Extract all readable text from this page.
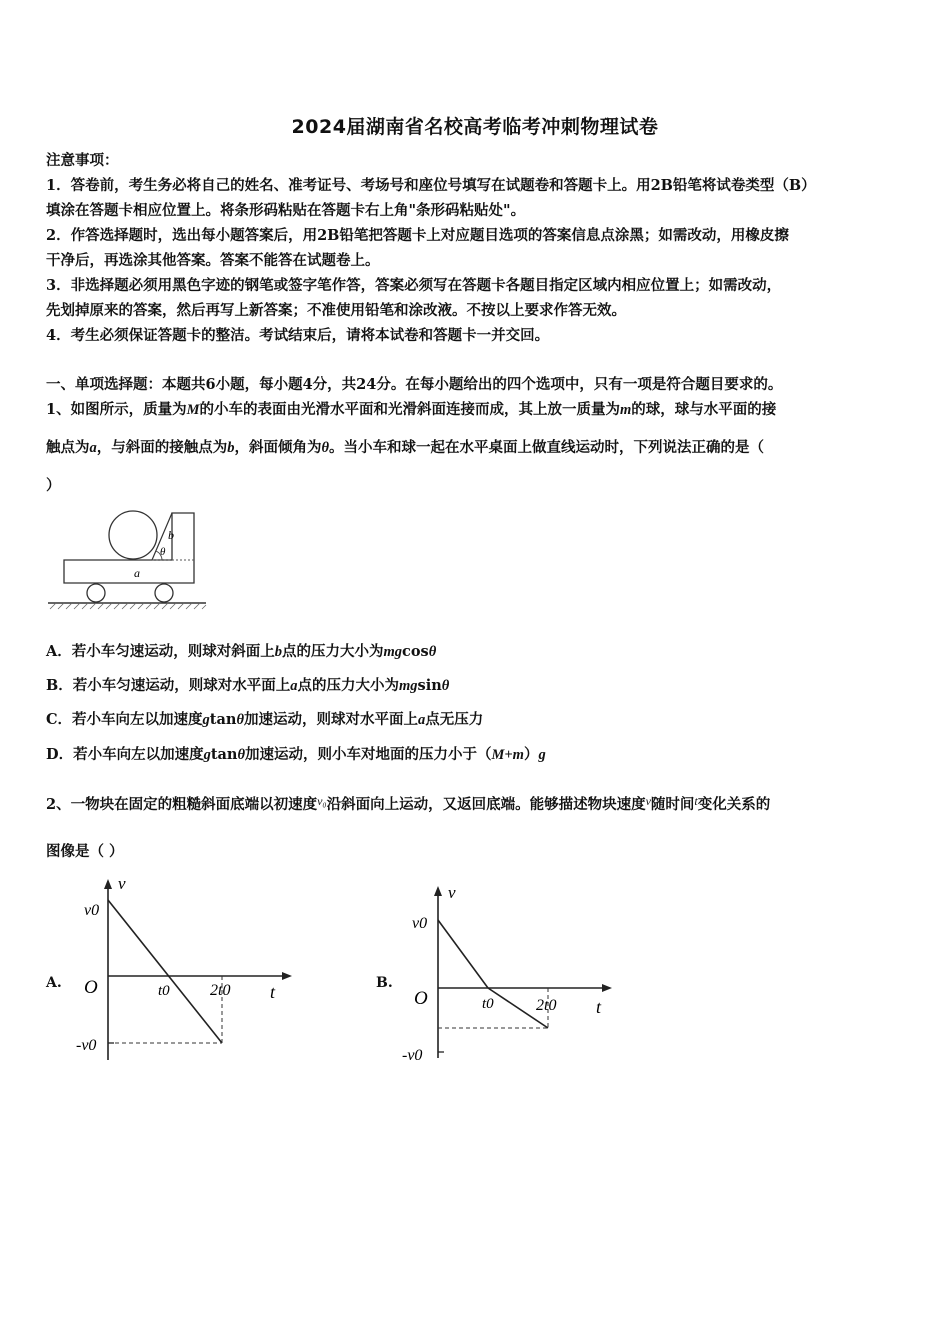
2024届湖南省名校高考临考冲刺物理试卷
注意事项：
1．答卷前，考生务必将自己的姓名、准考证号、考场号和座位号填写在试题卷和答题卡上。用2B铅笔将试卷类型（B）
填涂在答题卡相应位置上。将条形码粘贴在答题卡右上角"条形码粘贴处"。
2．作答选择题时，选出每小题答案后，用2B铅笔把答题卡上对应题目选项的答案信息点涂黑；如需改动，用橡皮擦
干净后，再选涂其他答案。答案不能答在试题卷上。
3．非选择题必须用黑色字迹的钢笔或签字笔作答，答案必须写在答题卡各题目指定区域内相应位置上；如需改动，
先划掉原来的答案，然后再写上新答案；不准使用铅笔和涂改液。不按以上要求作答无效。
4．考生必须保证答题卡的整洁。考试结束后，请将本试卷和答题卡一并交回。
一、单项选择题：本题共6小题，每小题4分，共24分。在每小题给出的四个选项中，只有一项是符合题目要求的。
1、如图所示，质量为M的小车的表面由光滑水平面和光滑斜面连接而成，其上放一质量为m的球，球与水平面的接
触点为a，与斜面的接触点为b，斜面倾角为θ。当小车和球一起在水平桌面上做直线运动时，下列说法正确的是（
）
b
θ
a
A．若小车匀速运动，则球对斜面上b点的压力大小为mgcosθ
B．若小车匀速运动，则球对水平面上a点的压力大小为mgsinθ
C．若小车向左以加速度gtanθ加速运动，则球对水平面上a点无压力
D．若小车向左以加速度gtanθ加速运动，则小车对地面的压力小于（M+m）g
2、一物块在固定的粗糙斜面底端以初速度$^{v_0}$沿斜面向上运动，又返回底端。能够描述物块速度$^v$随时间$^t$变化关系的
图像是（ ）
A.
v
v0
O	t0	2t0 t
-v0
B.
v
v0
O	t0	2t0 t
-v0
